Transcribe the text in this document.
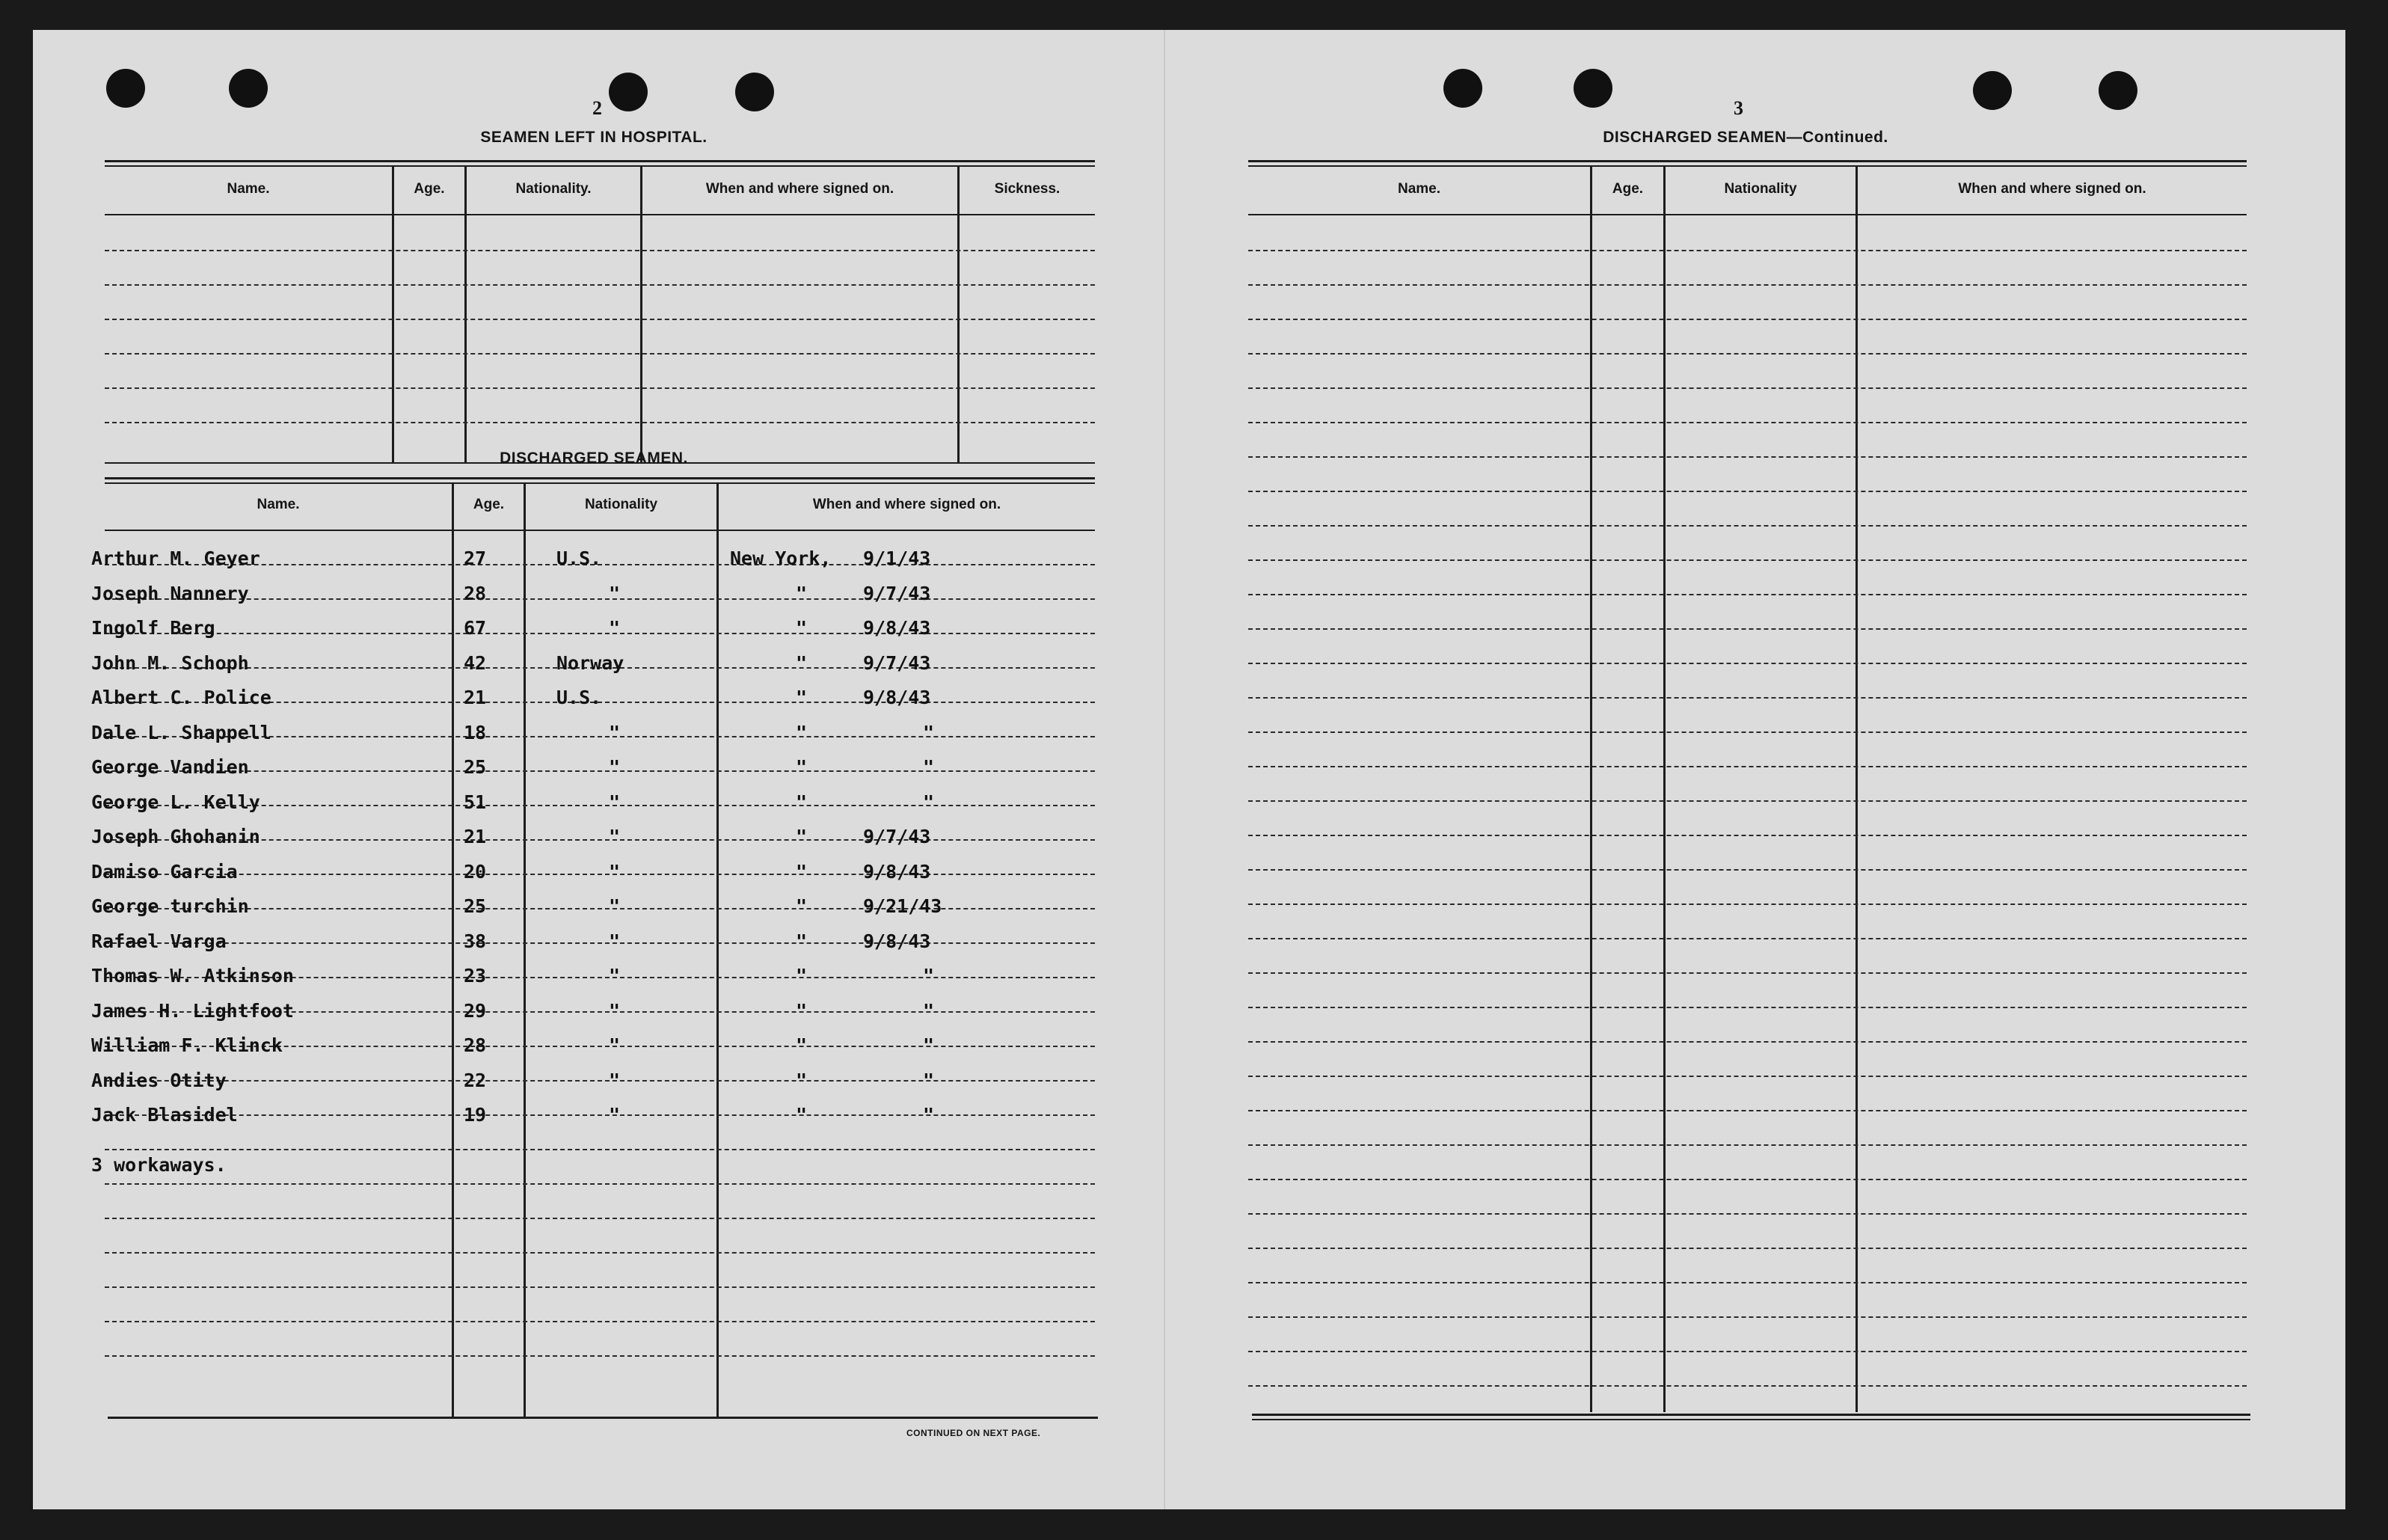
2
SEAMEN LEFT IN HOSPITAL.
Name.	Age.	Nationality.	When and where signed on.	Sickness.
DISCHARGED SEAMEN.
Name.	Age.	Nationality	When and where signed on.
Arthur M. Geyer	27	U.S.	New York, 9/1/43
Joseph Nannery	28	"	"	9/7/43
Ingolf Berg	67	"	"	9/8/43
John M. Schoph	42	Norway	"	9/7/43
Albert C. Police	21	U.S.	"	9/8/43
Dale L. Shappell	18	"	"	"
George Vandien	25	"	"	"
George L. Kelly	51	"	"	"
Joseph Ghohanin	21	"	"	9/7/43
Damiso Garcia	20	"	"	9/8/43
George turchin	25	"	"	9/21/43
Rafael Varga	38	"	"	9/8/43
Thomas W. Atkinson	23	"	"	"
James H. Lightfoot	29	"	"	"
William F. Klinck	28	"	"	"
Andies Otity	22	"	"	"
Jack Blasidel	19	"	"	"
3 workaways.
CONTINUED ON NEXT PAGE.
3
DISCHARGED SEAMEN—Continued.
Name.	Age.	Nationality	When and where signed on.
